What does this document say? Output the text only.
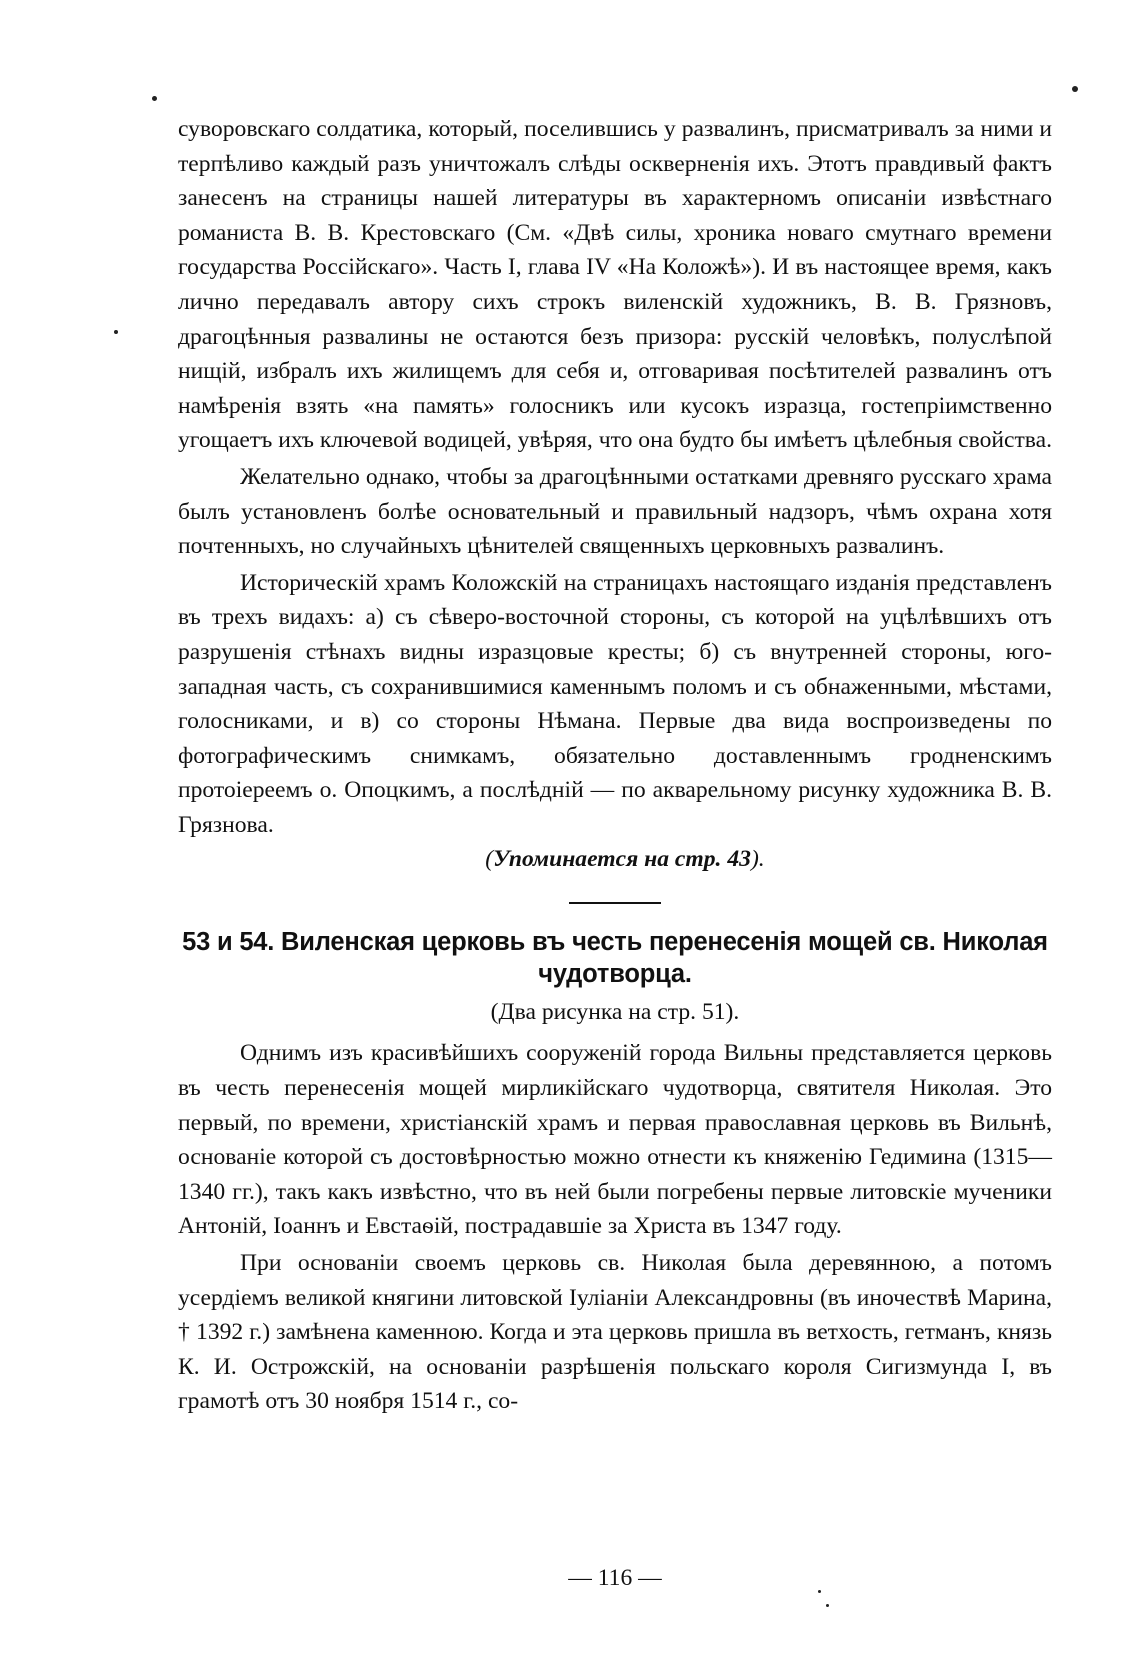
суворовскаго солдатика, который, поселившись у развалинъ, присматривалъ за ними и терпѣливо каждый разъ уничтожалъ слѣды оскверненія ихъ. Этотъ правдивый фактъ занесенъ на страницы нашей литературы въ характерномъ описаніи извѣстнаго романиста В. В. Крестовскаго (См. «Двѣ силы, хроника новаго смутнаго времени государства Россійскаго». Часть I, глава IV «На Коложѣ»). И въ настоящее время, какъ лично передавалъ автору сихъ строкъ виленскій художникъ, В. В. Грязновъ, драгоцѣнныя развалины не остаются безъ призора: русскій человѣкъ, полуслѣпой нищій, избралъ ихъ жилищемъ для себя и, отговаривая посѣтителей развалинъ отъ намѣренія взять «на память» голосникъ или кусокъ изразца, гостепріимственно угощаетъ ихъ ключевой водицей, увѣряя, что она будто бы имѣетъ цѣлебныя свойства.

Желательно однако, чтобы за драгоцѣнными остатками древняго русскаго храма былъ установленъ болѣе основательный и правильный надзоръ, чѣмъ охрана хотя почтенныхъ, но случайныхъ цѣнителей священныхъ церковныхъ развалинъ.

Историческій храмъ Коложскій на страницахъ настоящаго изданія представленъ въ трехъ видахъ: а) съ сѣверо-восточной стороны, съ которой на уцѣлѣвшихъ отъ разрушенія стѣнахъ видны изразцовые кресты; б) съ внутренней стороны, юго-западная часть, съ сохранившимися каменнымъ поломъ и съ обнаженными, мѣстами, голосниками, и в) со стороны Нѣмана. Первые два вида воспроизведены по фотографическимъ снимкамъ, обязательно доставленнымъ гродненскимъ протоіереемъ о. Опоцкимъ, а послѣдній — по акварельному рисунку художника В. В. Грязнова.

(Упоминается на стр. 43).

53 и 54. Виленская церковь въ честь перенесенія мощей св. Николая чудотворца.

(Два рисунка на стр. 51).

Однимъ изъ красивѣйшихъ сооруженій города Вильны представляется церковь въ честь перенесенія мощей мирликійскаго чудотворца, святителя Николая. Это первый, по времени, христіанскій храмъ и первая православная церковь въ Вильнѣ, основаніе которой съ достовѣрностью можно отнести къ княженію Гедимина (1315—1340 гг.), такъ какъ извѣстно, что въ ней были погребены первые литовскіе мученики Антоній, Іоаннъ и Евстаѳій, пострадавшіе за Христа въ 1347 году.

При основаніи своемъ церковь св. Николая была деревянною, а потомъ усердіемъ великой княгини литовской Іуліаніи Александровны (въ иночествѣ Марина, † 1392 г.) замѣнена каменною. Когда и эта церковь пришла въ ветхость, гетманъ, князь К. И. Острожскій, на основаніи разрѣшенія польскаго короля Сигизмунда I, въ грамотѣ отъ 30 ноября 1514 г., со-

— 116 —
